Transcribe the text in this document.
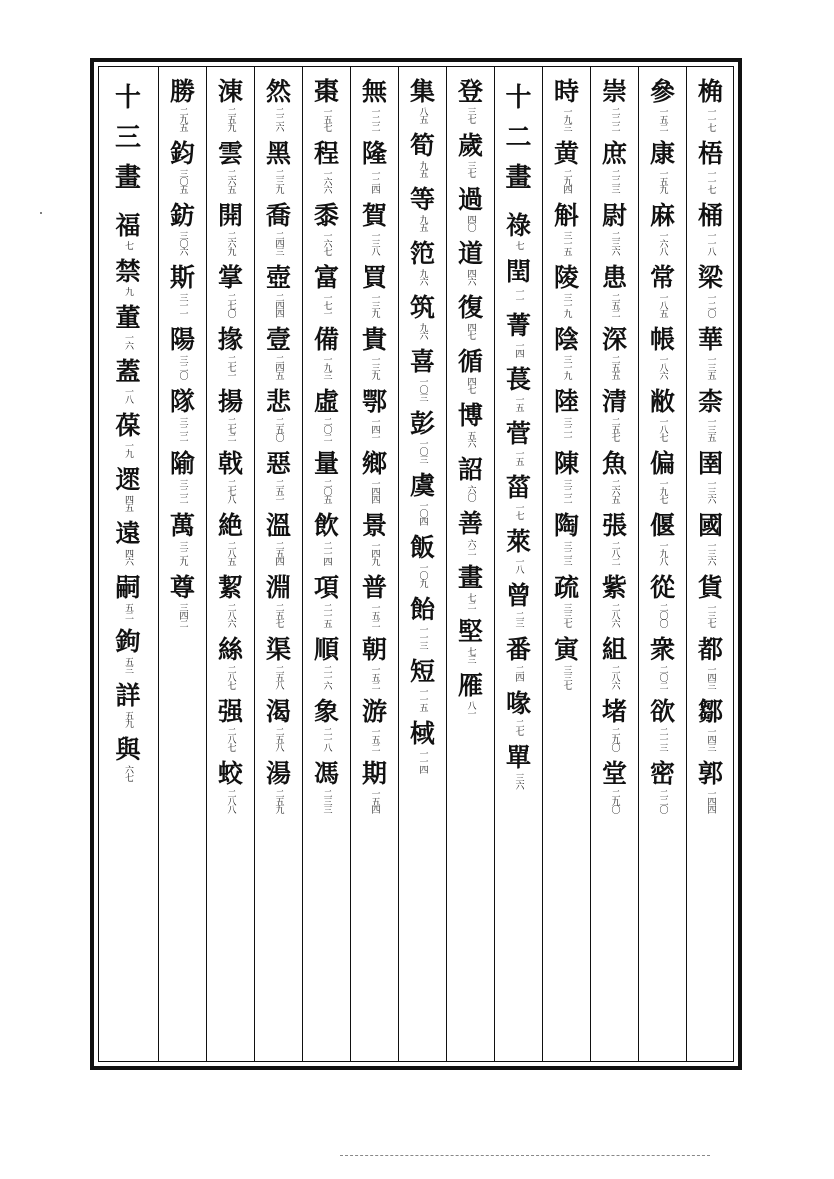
桷
一一七
梧
一一七
桶
一一八
梁
一二〇
華
一三五
柰
一三五
圉
一三六
國
一三六
貨
一三七
都
一四三
鄒
一四三
郭
一四四
參
一五二
康
一五九
麻
一六八
常
一八五
帳
一八六
敝
一八七
偏
一九七
偃
一九八
從
二〇〇
衆
二〇二
欲
二一三
密
二二〇
崇
二二二
庶
二二三
尉
二三六
患
二五二
深
二五五
清
二五七
魚
二六五
張
二八二
紫
二八六
組
二八六
堵
二九〇
堂
二九〇
時
一九三
黄
二九四
斛
三一五
陵
三一九
陰
三一九
陸
三二一
陳
三二二
陶
三二三
疏
三三七
寅
三三七
十
二
畫
祿
七
閏
一一
菁
一四
萇
一五
菅
一五
菑
一七
萊
一八
曾
二三
番
二四
喙
二七
單
三六
登
三七
歲
三七
過
四〇
道
四六
復
四七
循
四七
博
五六
詔
六〇
善
六二
畫
七二
堅
七三
雁
八一
集
八五
筍
九五
等
九五
笵
九六
筑
九六
喜
一〇三
彭
一〇三
虞
一〇四
飯
一〇九
飴
一一三
短
一一五
棫
一一四
無
一二二
隆
一二四
賀
一三八
買
一三九
貴
一三九
鄂
一四一
鄉
一四四
景
一四九
普
一五二
朝
一五二
游
一五二
期
一五四
棗
一五七
程
一六六
黍
一六七
富
一七一
備
一九三
虛
二〇二
量
二〇五
飲
二一四
項
二一五
順
二一六
象
二一八
馮
二三三
然
二二六
黑
二三九
喬
二四三
壺
二四四
壹
二四五
悲
二五〇
惡
二五一
溫
二五四
淵
二五七
渠
二五八
渴
二五八
湯
二五九
涷
二五九
雲
二六五
開
二六九
掌
二七〇
掾
二七一
揚
二七二
戟
二七八
絶
二八五
絜
二八六
絲
二八七
强
二八七
蛟
二八八
勝
二九五
鈞
三〇五
鈁
三〇六
斯
三一一
陽
三二〇
隊
三二二
隃
三二二
萬
三二九
尊
三四二
十
三
畫
福
七
禁
九
董
一六
蓋
一八
葆
一九
遝
四五
遠
四六
嗣
五二
鉤
五三
詳
五九
與
六七
